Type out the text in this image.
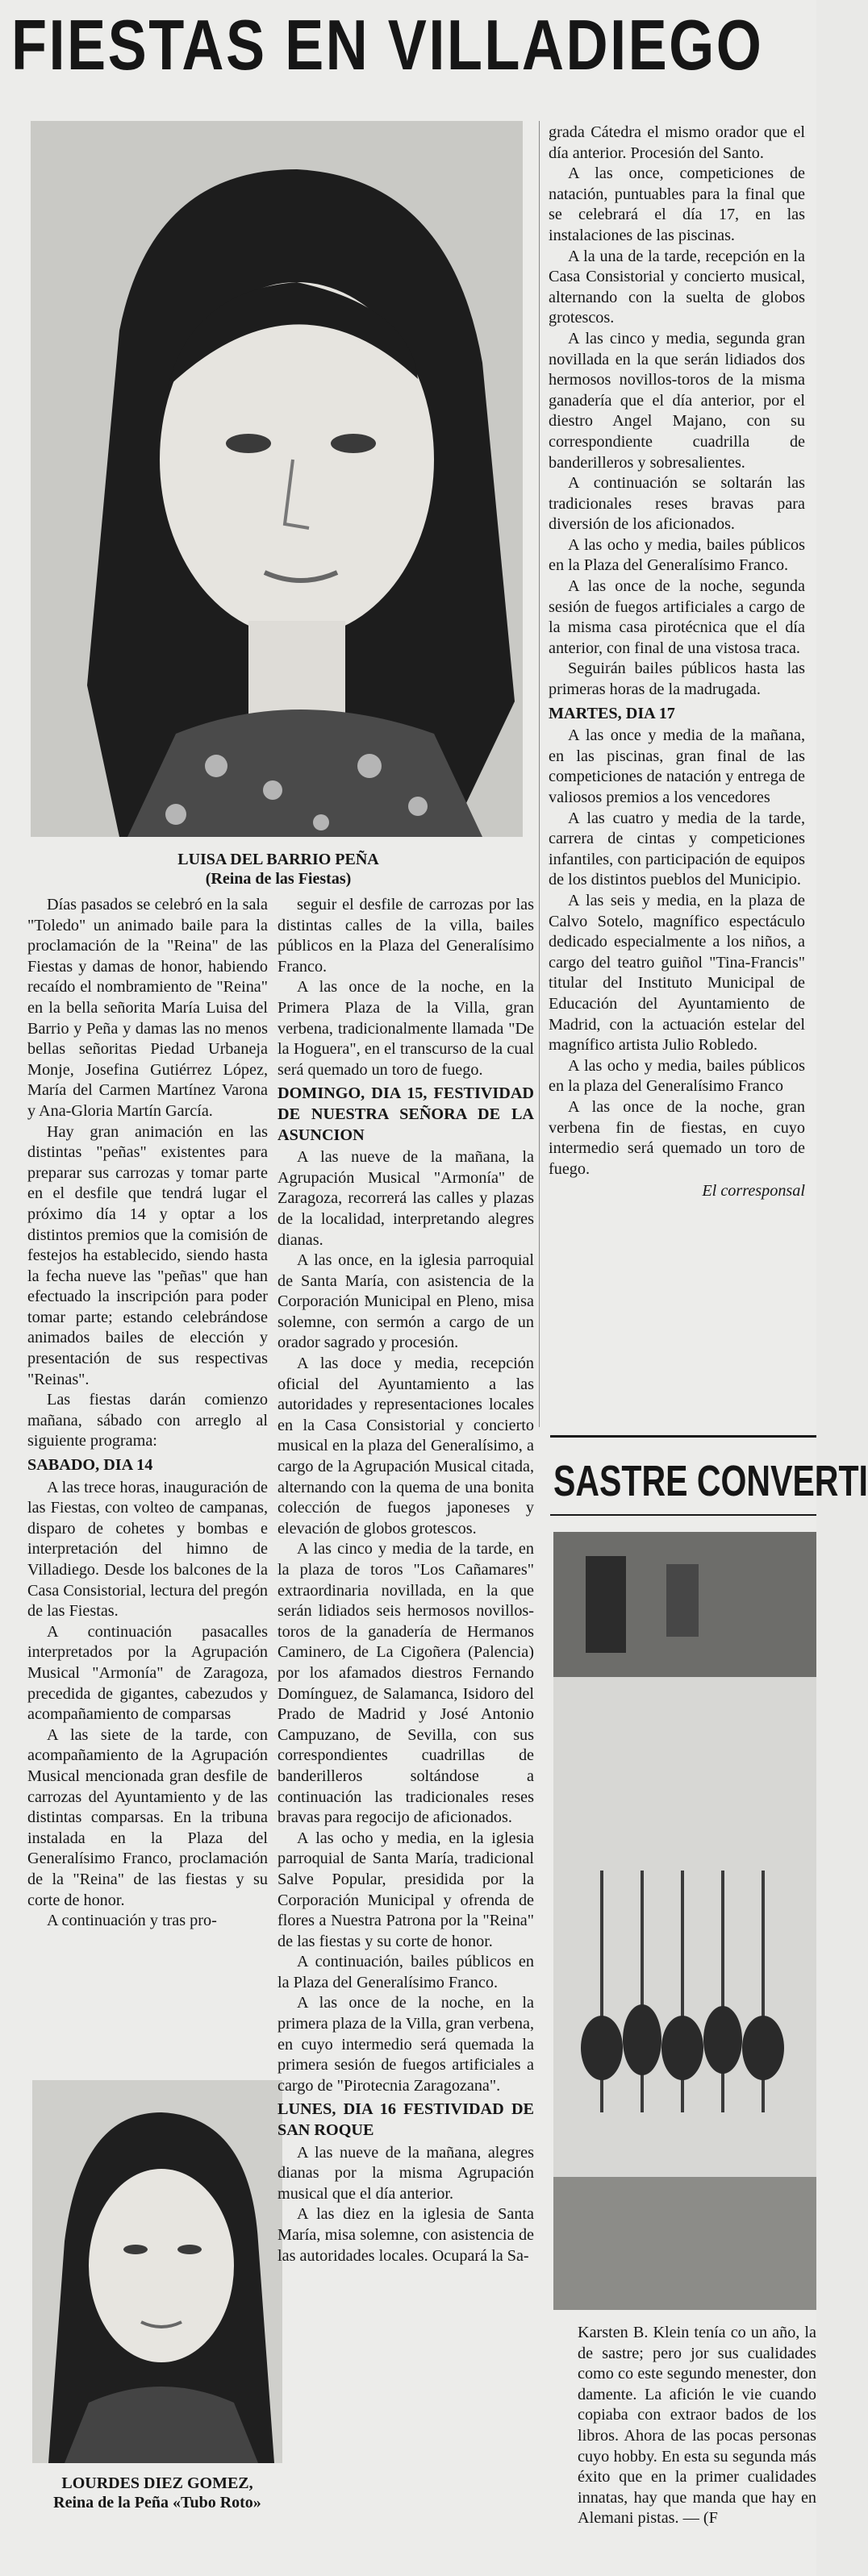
FIESTAS EN VILLADIEGO
LUISA DEL BARRIO PEÑA
(Reina de las Fiestas)

Días pasados se celebró en la sala "Toledo" un animado baile para la proclamación de la "Reina" de las Fiestas y damas de honor, habiendo recaído el nombramiento de "Reina" en la bella señorita María Luisa del Barrio y Peña y damas las no menos bellas señoritas Piedad Urbaneja Monje, Josefina Gutiérrez López, María del Carmen Martínez Varona y Ana-Gloria Martín García.

Hay gran animación en las distintas "peñas" existentes para preparar sus carrozas y tomar parte en el desfile que tendrá lugar el próximo día 14 y optar a los distintos premios que la comisión de festejos ha establecido, siendo hasta la fecha nueve las "peñas" que han efectuado la inscripción para poder tomar parte; estando celebrándose animados bailes de elección y presentación de sus respectivas "Reinas".

Las fiestas darán comienzo mañana, sábado con arreglo al siguiente programa:

SABADO, DIA 14

A las trece horas, inauguración de las Fiestas, con volteo de campanas, disparo de cohetes y bombas e interpretación del himno de Villadiego. Desde los balcones de la Casa Consistorial, lectura del pregón de las Fiestas.

A continuación pasacalles interpretados por la Agrupación Musical "Armonía" de Zaragoza, precedida de gigantes, cabezudos y acompañamiento de comparsas

A las siete de la tarde, con acompañamiento de la Agrupación Musical mencionada gran desfile de carrozas del Ayuntamiento y de las distintas comparsas. En la tribuna instalada en la Plaza del Generalísimo Franco, proclamación de la "Reina" de las fiestas y su corte de honor.

A continuación y tras pro-

LOURDES DIEZ GOMEZ,
Reina de la Peña «Tubo Roto»

seguir el desfile de carrozas por las distintas calles de la villa, bailes públicos en la Plaza del Generalísimo Franco.

A las once de la noche, en la Primera Plaza de la Villa, gran verbena, tradicionalmente llamada "De la Hoguera", en el transcurso de la cual será quemado un toro de fuego.

DOMINGO, DIA 15, FESTIVIDAD DE NUESTRA SEÑORA DE LA ASUNCION

A las nueve de la mañana, la Agrupación Musical "Armonía" de Zaragoza, recorrerá las calles y plazas de la localidad, interpretando alegres dianas.

A las once, en la iglesia parroquial de Santa María, con asistencia de la Corporación Municipal en Pleno, misa solemne, con sermón a cargo de un orador sagrado y procesión.

A las doce y media, recepción oficial del Ayuntamiento a las autoridades y representaciones locales en la Casa Consistorial y concierto musical en la plaza del Generalísimo, a cargo de la Agrupación Musical citada, alternando con la quema de una bonita colección de fuegos japoneses y elevación de globos grotescos.

A las cinco y media de la tarde, en la plaza de toros "Los Cañamares" extraordinaria novillada, en la que serán lidiados seis hermosos novillos-toros de la ganadería de Hermanos Caminero, de La Cigoñera (Palencia) por los afamados diestros Fernando Domínguez, de Salamanca, Isidoro del Prado de Madrid y José Antonio Campuzano, de Sevilla, con sus correspondientes cuadrillas de banderilleros soltándose a continuación las tradicionales reses bravas para regocijo de aficionados.

A las ocho y media, en la iglesia parroquial de Santa María, tradicional Salve Popular, presidida por la Corporación Municipal y ofrenda de flores a Nuestra Patrona por la "Reina" de las fiestas y su corte de honor.

A continuación, bailes públicos en la Plaza del Generalísimo Franco.

A las once de la noche, en la primera plaza de la Villa, gran verbena, en cuyo intermedio será quemada la primera sesión de fuegos artificiales a cargo de "Pirotecnia Zaragozana".

LUNES, DIA 16 FESTIVIDAD DE SAN ROQUE

A las nueve de la mañana, alegres dianas por la misma Agrupación musical que el día anterior.

A las diez en la iglesia de Santa María, misa solemne, con asistencia de las autoridades locales. Ocupará la Sa-

grada Cátedra el mismo orador que el día anterior. Procesión del Santo.

A las once, competiciones de natación, puntuables para la final que se celebrará el día 17, en las instalaciones de las piscinas.

A la una de la tarde, recepción en la Casa Consistorial y concierto musical, alternando con la suelta de globos grotescos.

A las cinco y media, segunda gran novillada en la que serán lidiados dos hermosos novillos-toros de la misma ganadería que el día anterior, por el diestro Angel Majano, con su correspondiente cuadrilla de banderilleros y sobresalientes.

A continuación se soltarán las tradicionales reses bravas para diversión de los aficionados.

A las ocho y media, bailes públicos en la Plaza del Generalísimo Franco.

A las once de la noche, segunda sesión de fuegos artificiales a cargo de la misma casa pirotécnica que el día anterior, con final de una vistosa traca.

Seguirán bailes públicos hasta las primeras horas de la madrugada.

MARTES, DIA 17

A las once y media de la mañana, en las piscinas, gran final de las competiciones de natación y entrega de valiosos premios a los vencedores

A las cuatro y media de la tarde, carrera de cintas y competiciones infantiles, con participación de equipos de los distintos pueblos del Municipio.

A las seis y media, en la plaza de Calvo Sotelo, magnífico espectáculo dedicado especialmente a los niños, a cargo del teatro guiñol "Tina-Francis" titular del Instituto Municipal de Educación del Ayuntamiento de Madrid, con la actuación estelar del magnífico artista Julio Robledo.

A las ocho y media, bailes públicos en la plaza del Generalísimo Franco

A las once de la noche, gran verbena fin de fiestas, en cuyo intermedio será quemado un toro de fuego.

El corresponsal
SASTRE CONVERTI

Karsten B. Klein tenía co un año, la de sastre; pero jor sus cualidades como co este segundo menester, don damente. La afición le vie cuando copiaba con extraor bados de los libros. Ahora de las pocas personas cuyo hobby. En esta su segunda más éxito que en la primer cualidades innatas, hay que manda que hay en Alemani pistas. — (F
